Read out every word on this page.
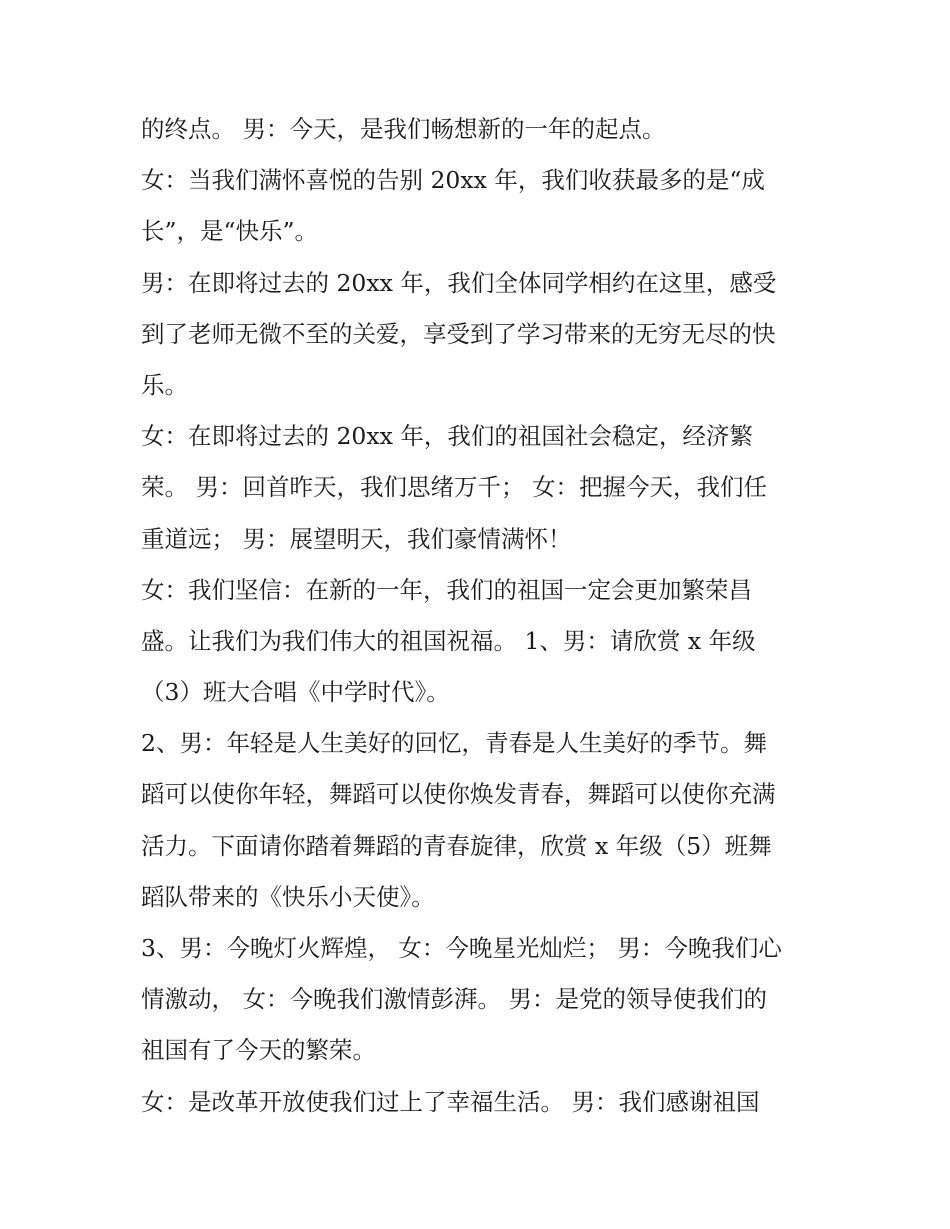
的终点。 男：今天，是我们畅想新的一年的起点。
女：当我们满怀喜悦的告别 20xx 年，我们收获最多的是“成
长”，是“快乐”。
男：在即将过去的 20xx 年，我们全体同学相约在这里，感受
到了老师无微不至的关爱，享受到了学习带来的无穷无尽的快
乐。
女：在即将过去的 20xx 年，我们的祖国社会稳定，经济繁
荣。 男：回首昨天，我们思绪万千； 女：把握今天，我们任
重道远； 男：展望明天，我们豪情满怀！
女：我们坚信：在新的一年，我们的祖国一定会更加繁荣昌
盛。让我们为我们伟大的祖国祝福。 1、男：请欣赏 x 年级
（3）班大合唱《中学时代》。
2、男：年轻是人生美好的回忆，青春是人生美好的季节。舞
蹈可以使你年轻，舞蹈可以使你焕发青春，舞蹈可以使你充满
活力。下面请你踏着舞蹈的青春旋律，欣赏 x 年级（5）班舞
蹈队带来的《快乐小天使》。
3、男：今晚灯火辉煌， 女：今晚星光灿烂； 男：今晚我们心
情激动， 女：今晚我们激情彭湃。 男：是党的领导使我们的
祖国有了今天的繁荣。
女：是改革开放使我们过上了幸福生活。 男：我们感谢祖国
